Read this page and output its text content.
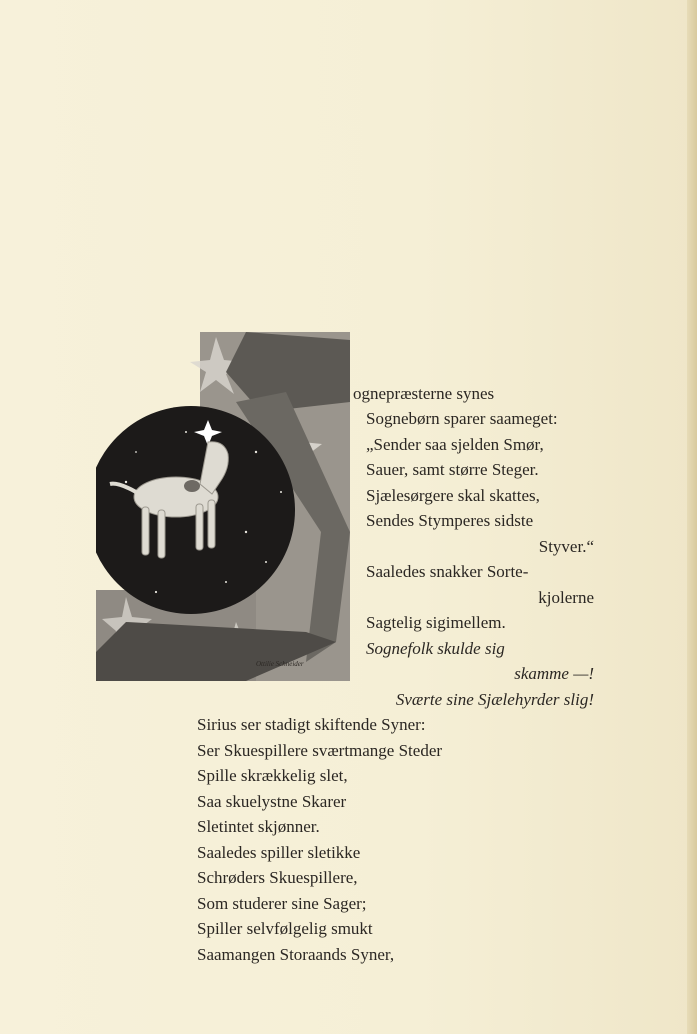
Ottilie Schneider
ognepræsterne synes
Sognebørn sparer saameget:
„Sender saa sjelden Smør,
Sauer, samt større Steger.
Sjælesørgere skal skattes,
Sendes Stymperes sidste
Styver.“
Saaledes snakker Sorte-
kjolerne
Sagtelig sigimellem.
Sognefolk skulde sig
skamme —!
Sværte sine Sjælehyrder slig!
Sirius ser stadigt skiftende Syner:
Ser Skuespillere sværtmange Steder
Spille skrækkelig slet,
Saa skuelystne Skarer
Sletintet skjønner.
Saaledes spiller sletikke
Schrøders Skuespillere,
Som studerer sine Sager;
Spiller selvfølgelig smukt
Saamangen Storaands Syner,
